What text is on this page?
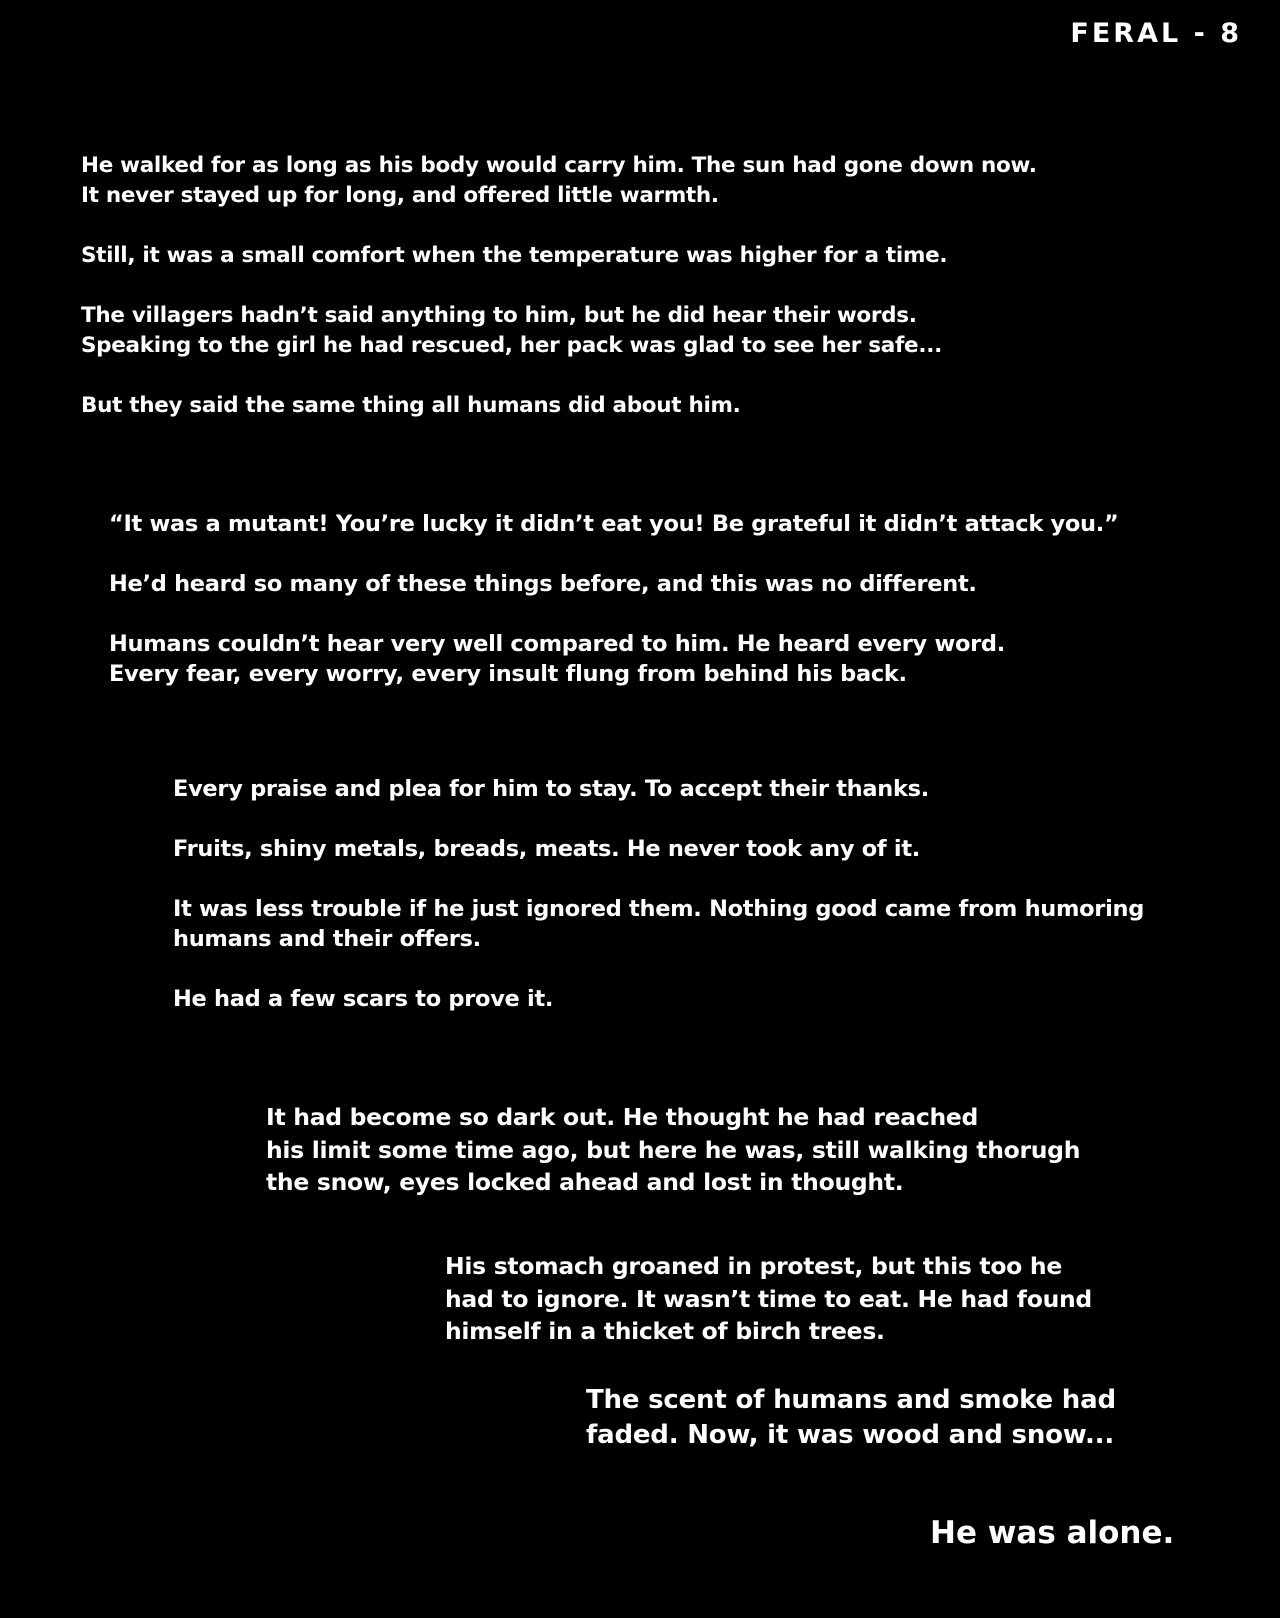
FERAL - 8

He walked for as long as his body would carry him. The sun had gone down now.
It never stayed up for long, and offered little warmth.

Still, it was a small comfort when the temperature was higher for a time.

The villagers hadn’t said anything to him, but he did hear their words.
Speaking to the girl he had rescued, her pack was glad to see her safe...

But they said the same thing all humans did about him.

“It was a mutant! You’re lucky it didn’t eat you! Be grateful it didn’t attack you.”

He’d heard so many of these things before, and this was no different.

Humans couldn’t hear very well compared to him. He heard every word.
Every fear, every worry, every insult flung from behind his back.

Every praise and plea for him to stay. To accept their thanks.

Fruits, shiny metals, breads, meats. He never took any of it.

It was less trouble if he just ignored them. Nothing good came from humoring
humans and their offers.

He had a few scars to prove it.

It had become so dark out. He thought he had reached
his limit some time ago, but here he was, still walking thorugh
the snow, eyes locked ahead and lost in thought.

His stomach groaned in protest, but this too he
had to ignore. It wasn’t time to eat. He had found
himself in a thicket of birch trees.

The scent of humans and smoke had
faded. Now, it was wood and snow...

He was alone.
